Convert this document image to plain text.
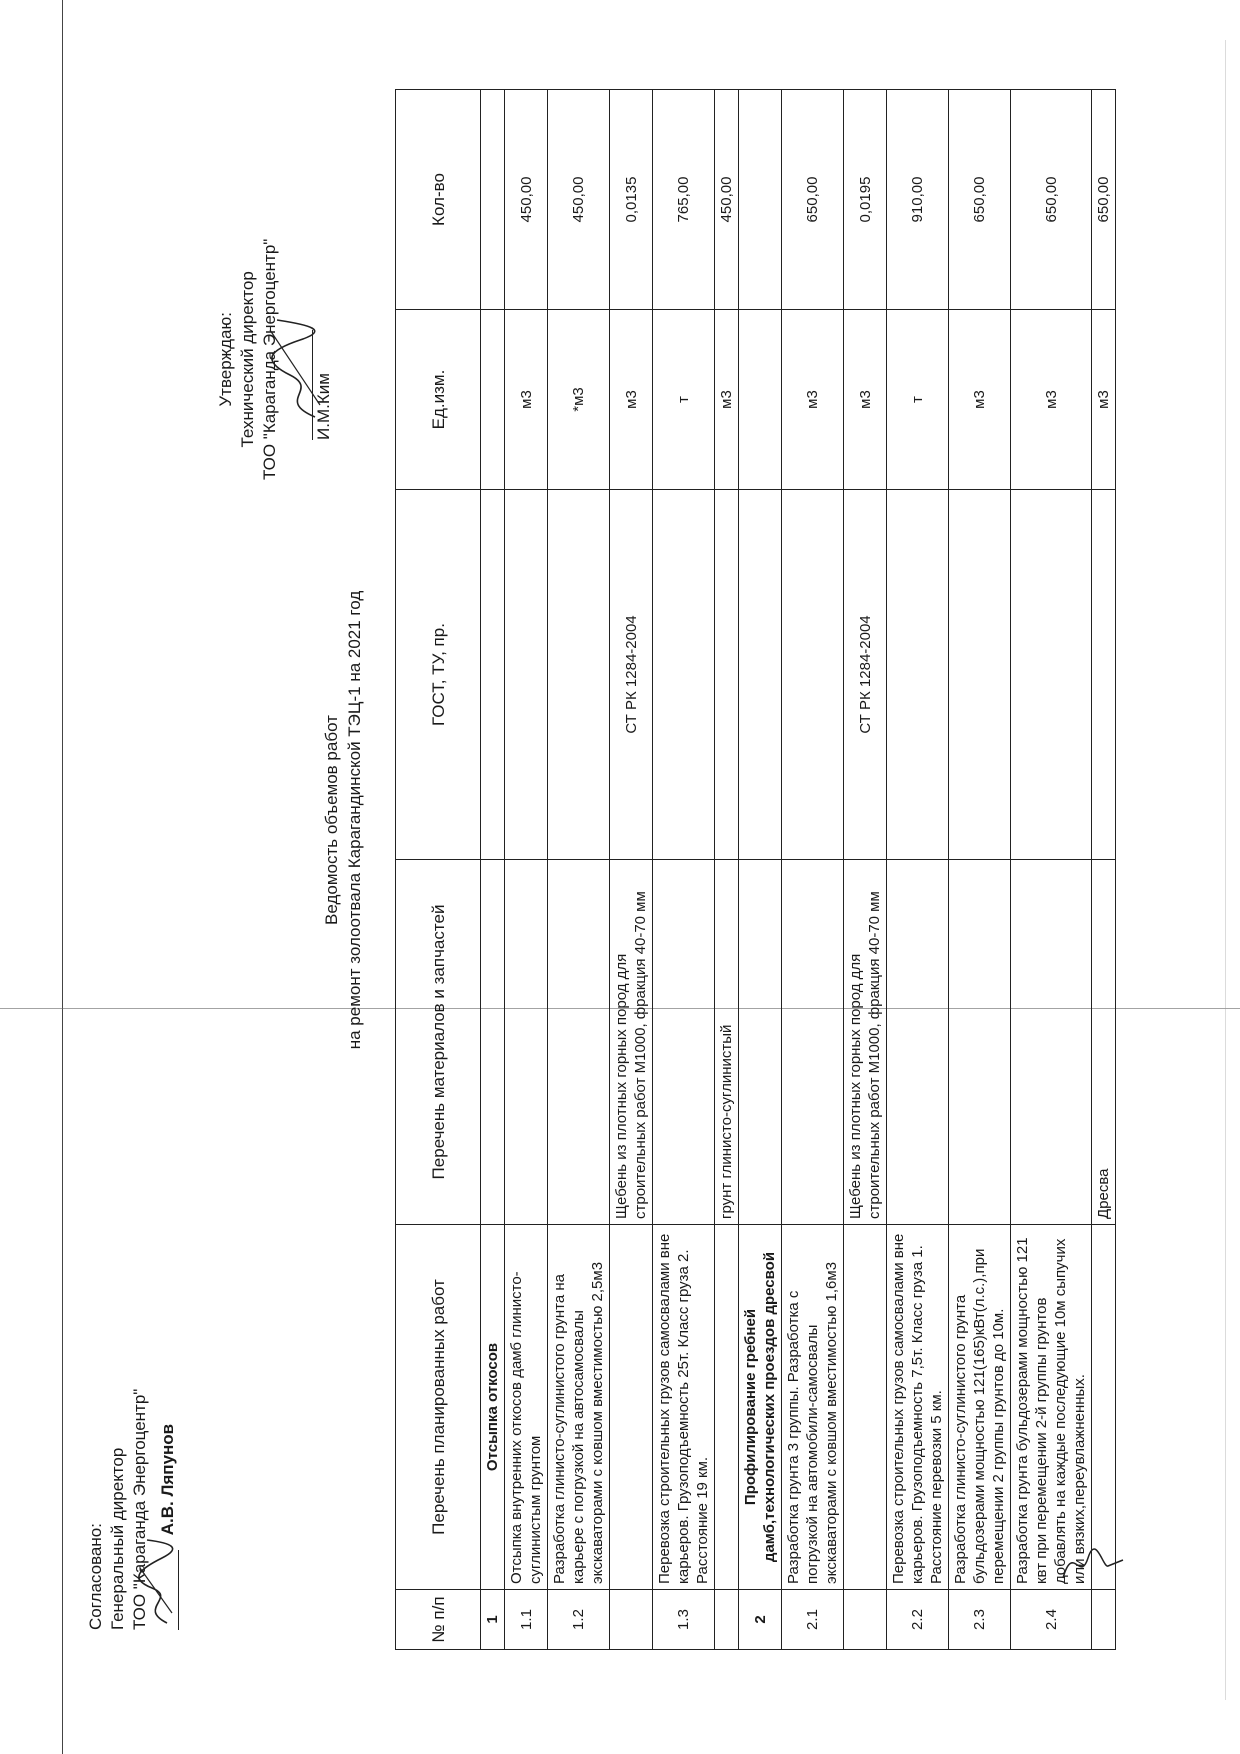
Согласовано: Генеральный директор ТОО "Караганда Энергоцентр" А.В. Ляпунов
Утверждаю: Технический директор ТОО "Караганда Энергоцентр" И.М.Ким
Ведомость объемов работ на ремонт золоотвала Карагандинской ТЭЦ-1 на 2021 год
№ п/п	Перечень планированных работ	Перечень материалов и запчастей	ГОСТ, ТУ, пр.	Ед.изм.	Кол-во
1	Отсыпка откосов				
1.1	Отсыпка внутренних откосов дамб глинисто-суглинистым грунтом			м3	450,00
1.2	Разработка глинисто-суглинистого грунта на карьере с погрузкой на автосамосвалы экскаваторами с ковшом вместимостью 2,5м3			*м3	450,00
		Щебень из плотных горных пород для строительных работ М1000, фракция 40-70 мм	СТ РК 1284-2004	м3	0,0135
1.3	Перевозка строительных грузов самосвалами вне карьеров. Грузоподъемность 25т. Класс груза 2. Расстояние 19 км.			т	765,00
		грунт глинисто-суглинистый		м3	450,00
2	Профилирование гребней дамб,технологических проездов дресвой				
2.1	Разработка грунта 3 группы. Разработка с погрузкой на автомобили-самосвалы экскаваторами с ковшом вместимостью 1,6м3			м3	650,00
		Щебень из плотных горных пород для строительных работ М1000, фракция 40-70 мм	СТ РК 1284-2004	м3	0,0195
2.2	Перевозка строительных грузов самосвалами вне карьеров. Грузоподъемность 7,5т. Класс груза 1. Расстояние перевозки 5 км.			т	910,00
2.3	Разработка глинисто-суглинистого грунта бульдозерами мощностью 121(165)кВт(л.с.),при перемещении 2 группы грунтов до 10м.			м3	650,00
2.4	Разработка грунта бульдозерами мощностью 121 квт при перемещении 2-й группы грунтов добавлять на каждые последующие 10м сыпучих или вязких,переувлажненных.			м3	650,00
		Дресва		м3	650,00
